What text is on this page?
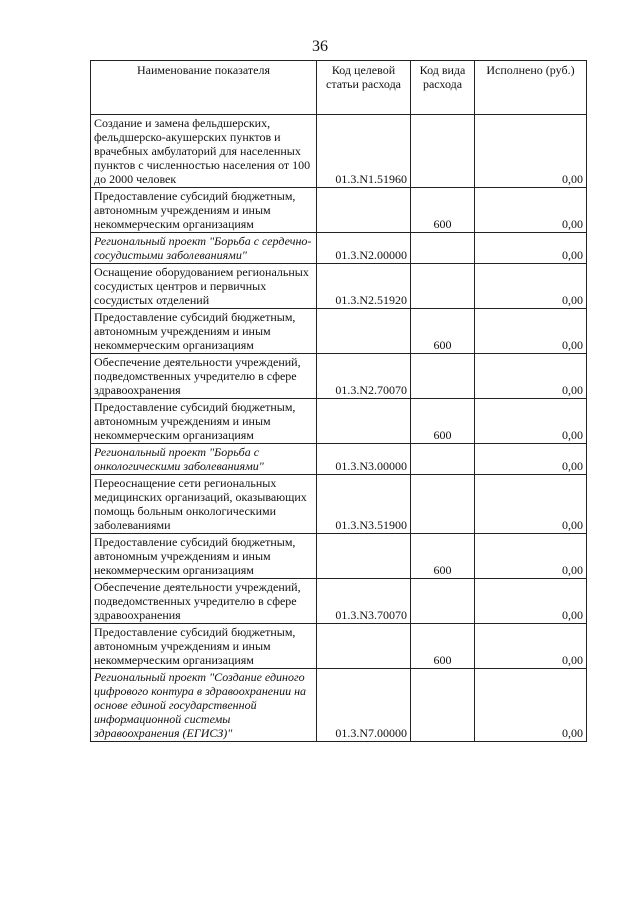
36
Наименование показателя	Код целевой статьи расхода	Код вида расхода	Исполнено (руб.)
Создание и замена фельдшерских, фельдшерско-акушерских пунктов и врачебных амбулаторий для населенных пунктов с численностью населения от 100 до 2000 человек	01.3.N1.51960		0,00
Предоставление субсидий бюджетным, автономным учреждениям и иным некоммерческим организациям		600	0,00
Региональный проект "Борьба с сердечно-сосудистыми заболеваниями"	01.3.N2.00000		0,00
Оснащение оборудованием региональных сосудистых центров и первичных сосудистых отделений	01.3.N2.51920		0,00
Предоставление субсидий бюджетным, автономным учреждениям и иным некоммерческим организациям		600	0,00
Обеспечение деятельности учреждений, подведомственных учредителю в сфере здравоохранения	01.3.N2.70070		0,00
Предоставление субсидий бюджетным, автономным учреждениям и иным некоммерческим организациям		600	0,00
Региональный проект "Борьба с онкологическими заболеваниями"	01.3.N3.00000		0,00
Переоснащение сети региональных медицинских организаций, оказывающих помощь больным онкологическими заболеваниями	01.3.N3.51900		0,00
Предоставление субсидий бюджетным, автономным учреждениям и иным некоммерческим организациям		600	0,00
Обеспечение деятельности учреждений, подведомственных учредителю в сфере здравоохранения	01.3.N3.70070		0,00
Предоставление субсидий бюджетным, автономным учреждениям и иным некоммерческим организациям		600	0,00
Региональный проект "Создание единого цифрового контура в здравоохранении на основе единой государственной информационной системы здравоохранения (ЕГИСЗ)"	01.3.N7.00000		0,00
